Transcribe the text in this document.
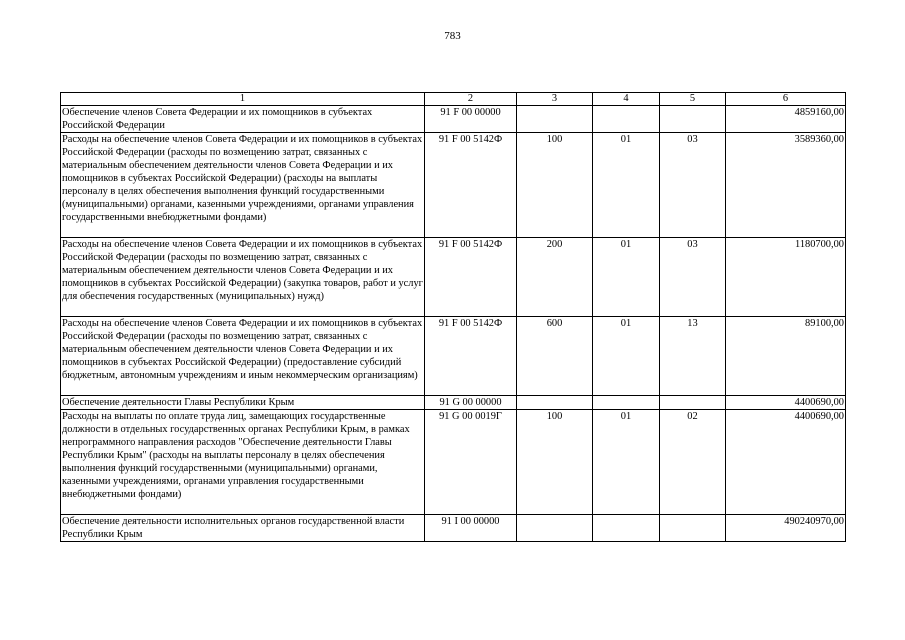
783
1	2	3	4	5	6
Обеспечение членов Совета Федерации и их помощников в субъектах Российской Федерации	91 F 00 00000				4859160,00
Расходы на обеспечение членов Совета Федерации и их помощников в субъектах Российской Федерации (расходы по возмещению затрат, связанных с материальным обеспечением деятельности членов Совета Федерации и их помощников в субъектах Российской Федерации) (расходы на выплаты персоналу в целях обеспечения выполнения функций государственными (муниципальными) органами, казенными учреждениями, органами управления государственными внебюджетными фондами)	91 F 00 5142Ф	100	01	03	3589360,00
Расходы на обеспечение членов Совета Федерации и их помощников в субъектах Российской Федерации (расходы по возмещению затрат, связанных с материальным обеспечением деятельности членов Совета Федерации и их помощников в субъектах Российской Федерации) (закупка товаров, работ и услуг для обеспечения государственных (муниципальных) нужд)	91 F 00 5142Ф	200	01	03	1180700,00
Расходы на обеспечение членов Совета Федерации и их помощников в субъектах Российской Федерации (расходы по возмещению затрат, связанных с материальным обеспечением деятельности членов Совета Федерации и их помощников в субъектах Российской Федерации) (предоставление субсидий бюджетным, автономным учреждениям и иным некоммерческим организациям)	91 F 00 5142Ф	600	01	13	89100,00
Обеспечение деятельности Главы Республики Крым	91 G 00 00000				4400690,00
Расходы на выплаты по оплате труда лиц, замещающих государственные должности в отдельных государственных органах Республики Крым, в рамках непрограммного направления расходов "Обеспечение деятельности Главы Республики Крым" (расходы на выплаты персоналу в целях обеспечения выполнения функций государственными (муниципальными) органами, казенными учреждениями, органами управления государственными внебюджетными фондами)	91 G 00 0019Г	100	01	02	4400690,00
Обеспечение деятельности исполнительных органов государственной власти Республики Крым	91 I 00 00000				490240970,00
